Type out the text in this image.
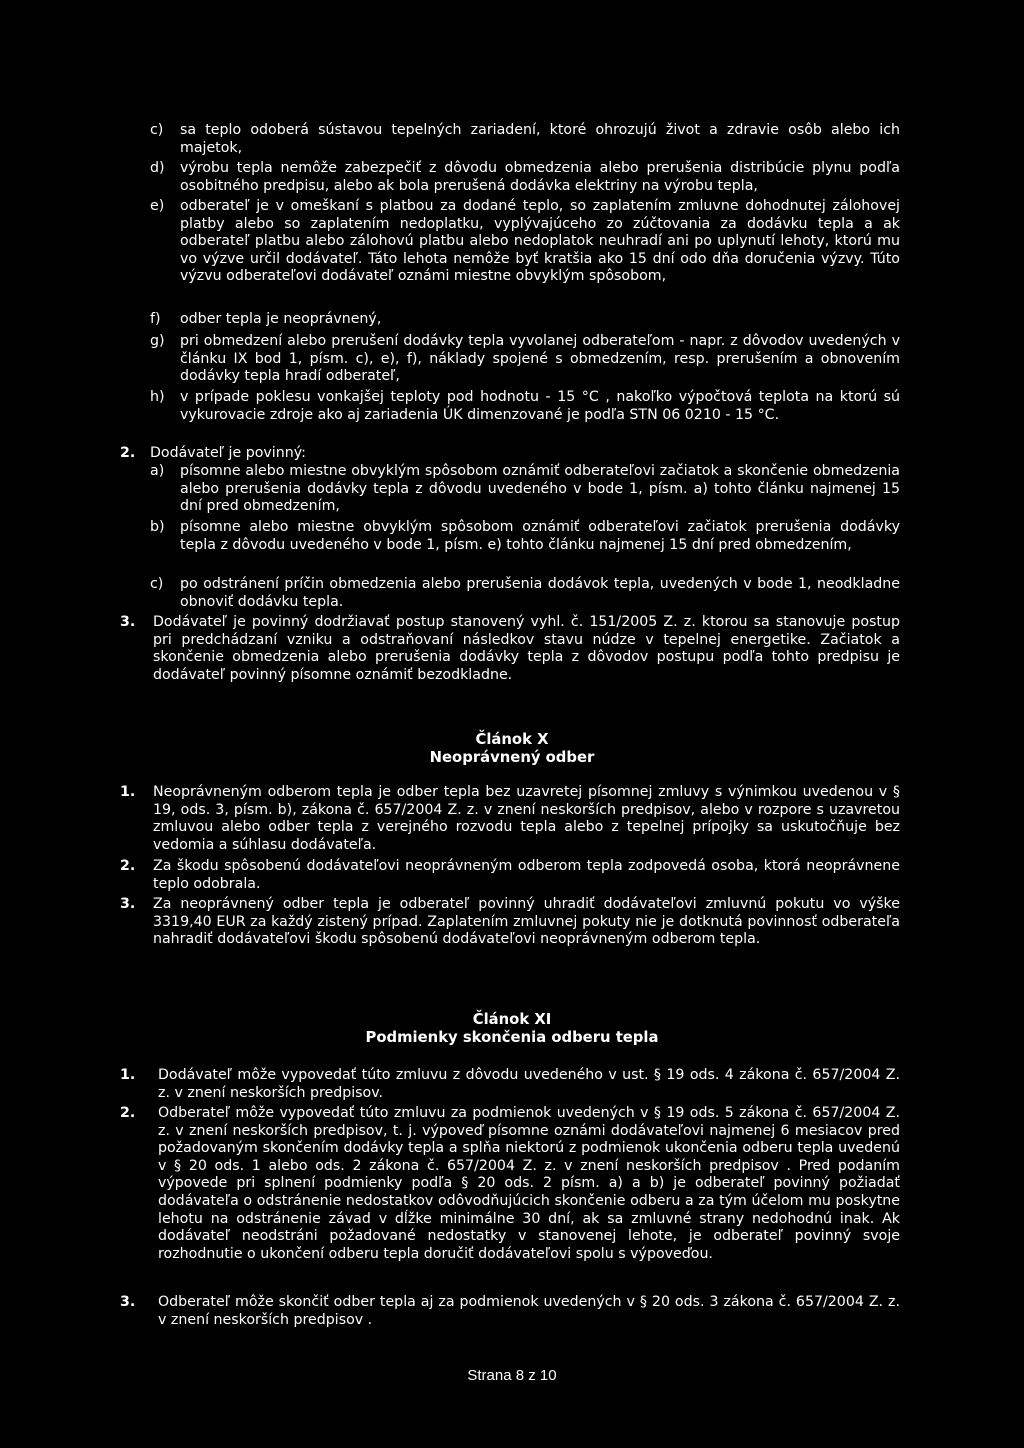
c) sa teplo odoberá sústavou tepelných zariadení, ktoré ohrozujú život a zdravie osôb alebo ich majetok,
d) výrobu tepla nemôže zabezpečiť z dôvodu obmedzenia alebo prerušenia distribúcie plynu podľa osobitného predpisu, alebo ak bola prerušená dodávka elektriny na výrobu tepla,
e) odberateľ je v omeškaní s platbou za dodané teplo, so zaplatením zmluvne dohodnutej zálohovej platby alebo so zaplatením nedoplatku, vyplývajúceho zo zúčtovania za dodávku tepla a ak odberateľ platbu alebo zálohovú platbu alebo nedoplatok neuhradí ani po uplynutí lehoty, ktorú mu vo výzve určil dodávateľ. Táto lehota nemôže byť kratšia ako 15 dní odo dňa doručenia výzvy. Túto výzvu odberateľovi dodávateľ oznámi miestne obvyklým spôsobom,
f) odber tepla je neoprávnený,
g) pri obmedzení alebo prerušení dodávky tepla vyvolanej odberateľom - napr. z dôvodov uvedených v článku IX bod 1, písm. c), e), f), náklady spojené s obmedzením, resp. prerušením a obnovením dodávky tepla hradí odberateľ,
h) v prípade poklesu vonkajšej teploty pod hodnotu - 15 °C , nakoľko výpočtová teplota na ktorú sú vykurovacie zdroje ako aj zariadenia ÚK dimenzované je podľa STN 06 0210 - 15 °C.
2. Dodávateľ je povinný:
a) písomne alebo miestne obvyklým spôsobom oznámiť odberateľovi začiatok a skončenie obmedzenia alebo prerušenia dodávky tepla z dôvodu uvedeného v bode 1, písm. a) tohto článku najmenej 15 dní pred obmedzením,
b) písomne alebo miestne obvyklým spôsobom oznámiť odberateľovi začiatok prerušenia dodávky tepla z dôvodu uvedeného v bode 1, písm. e) tohto článku najmenej 15 dní pred obmedzením,
c) po odstránení príčin obmedzenia alebo prerušenia dodávok tepla, uvedených v bode 1, neodkladne obnoviť dodávku tepla.
3. Dodávateľ je povinný dodržiavať postup stanovený vyhl. č. 151/2005 Z. z. ktorou sa stanovuje postup pri predchádzaní vzniku a odstraňovaní následkov stavu núdze v tepelnej energetike. Začiatok a skončenie obmedzenia alebo prerušenia dodávky tepla z dôvodov postupu podľa tohto predpisu je dodávateľ povinný písomne oznámiť bezodkladne.
Článok X
Neoprávnený odber
1. Neoprávneným odberom tepla je odber tepla bez uzavretej písomnej zmluvy s výnimkou uvedenou v § 19, ods. 3, písm. b), zákona č. 657/2004 Z. z. v znení neskorších predpisov, alebo v rozpore s uzavretou zmluvou alebo odber tepla z verejného rozvodu tepla alebo z tepelnej prípojky sa uskutočňuje bez vedomia a súhlasu dodávateľa.
2. Za škodu spôsobenú dodávateľovi neoprávneným odberom tepla zodpovedá osoba, ktorá neoprávnene teplo odobrala.
3. Za neoprávnený odber tepla je odberateľ povinný uhradiť dodávateľovi zmluvnú pokutu vo výške 3319,40 EUR za každý zistený prípad. Zaplatením zmluvnej pokuty nie je dotknutá povinnosť odberateľa nahradiť dodávateľovi škodu spôsobenú dodávateľovi neoprávneným odberom tepla.
Článok XI
Podmienky skončenia odberu tepla
1. Dodávateľ môže vypovedať túto zmluvu z dôvodu uvedeného v ust. § 19 ods. 4 zákona č. 657/2004 Z. z. v znení neskorších predpisov.
2. Odberateľ môže vypovedať túto zmluvu za podmienok uvedených v § 19 ods. 5 zákona č. 657/2004 Z. z. v znení neskorších predpisov, t. j. výpoveď písomne oznámi dodávateľovi najmenej 6 mesiacov pred požadovaným skončením dodávky tepla a splňa niektorú z podmienok ukončenia odberu tepla uvedenú v § 20 ods. 1 alebo ods. 2 zákona č. 657/2004 Z. z. v znení neskorších predpisov . Pred podaním výpovede pri splnení podmienky podľa § 20 ods. 2 písm. a) a b) je odberateľ povinný požiadať dodávateľa o odstránenie nedostatkov odôvodňujúcich skončenie odberu a za tým účelom mu poskytne lehotu na odstránenie závad v dĺžke minimálne 30 dní, ak sa zmluvné strany nedohodnú inak. Ak dodávateľ neodstráni požadované nedostatky v stanovenej lehote, je odberateľ povinný svoje rozhodnutie o ukončení odberu tepla doručiť dodávateľovi spolu s výpoveďou.
3. Odberateľ môže skončiť odber tepla aj za podmienok uvedených v § 20 ods. 3 zákona č. 657/2004 Z. z. v znení neskorších predpisov .
Strana 8 z 10
